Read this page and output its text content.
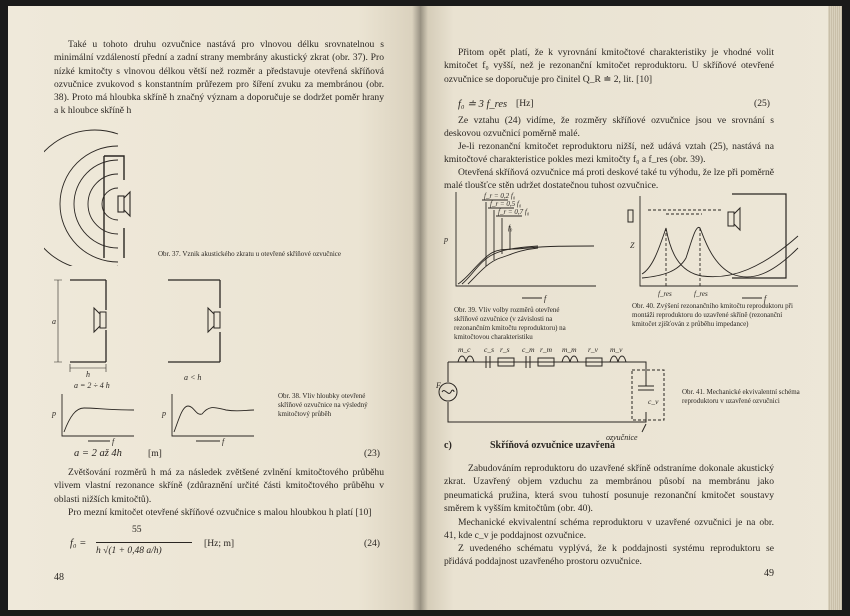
Také u tohoto druhu ozvučnice nastává pro vlnovou délku srovnatelnou s minimální vzdáleností přední a zadní strany membrány akustický zkrat (obr. 37). Pro nízké kmitočty s vlnovou délkou větší než rozměr a představuje otevřená skříňová ozvučnice zvukovod s konstantním průřezem pro šíření zvuku za membránou (obr. 38). Proto má hloubka skříně h značný význam a doporučuje se dodržet poměr hrany a k hloubce skříně h

Obr. 37. Vznik akustického zkratu u otevřené skříňové ozvučnice
a
h
a = 2 ÷ 4 h
a < h
p	p
f	f
Obr. 38. Vliv hloubky otevřené skříňové ozvučnice na výsledný kmitočtový průběh
a = 2 až 4h	[m]	(23)

Zvětšování rozměrů h má za následek zvětšené zvlnění kmitočtového průběhu vlivem vlastní rezonance skříně (zdůraznění určité části kmitočtového průběhu v oblasti nižších kmitočtů).

Pro mezní kmitočet otevřené skříňové ozvučnice s malou hloubkou h platí [10]

f₀ =
55
h √(1 + 0,48 a/h)
[Hz; m]	(24)
48

Přitom opět platí, že k vyrovnání kmitočtové charakteristiky je vhodné volit kmitočet f₀ vyšší, než je rezonanční kmitočet reproduktoru. U skříňové otevřené ozvučnice se doporučuje pro činitel Q_R ≐ 2, lit. [10]

f₀ ≐ 3 f_res [Hz]	(25)

Ze vztahu (24) vidíme, že rozměry skříňové ozvučnice jsou ve srovnání s deskovou ozvučnicí poměrně malé.

Je-li rezonanční kmitočet reproduktoru nižší, než udává vztah (25), nastává na kmitočtové charakteristice pokles mezi kmitočty f₀ a f_res (obr. 39).

Otevřená skříňová ozvučnice má proti deskové také tu výhodu, že lze při poměrně malé tloušťce stěn udržet dostatečnou tuhost ozvučnice.

f_r = 0,2 f₀
f_r = 0,5 f₀
f_r = 0,7 f₀
f₀
p
f
Z
f_res	f_res	f
Obr. 39. Vliv volby rozměrů otevřené skříňové ozvučnice (v závislosti na rezonančním kmitočtu reproduktoru) na kmitočtovou charakteristiku
Obr. 40. Zvýšení rezonančního kmitočtu reproduktoru při montáži reproduktoru do uzavřené skříně (rezonanční kmitočet zjišťován z průběhu impedance)
m_c c_s r_s c_m r_m m_m r_v m_v
c_v
F
ozvučnice
Obr. 41. Mechanické ekvivalentní schéma reproduktoru v uzavřené ozvučnici
c)	Skříňová ozvučnice uzavřená

Zabudováním reproduktoru do uzavřené skříně odstraníme dokonale akustický zkrat. Uzavřený objem vzduchu za membránou působí na membránu jako pneumatická pružina, která svou tuhostí posunuje rezonanční kmitočet soustavy směrem k vyšším kmitočtům (obr. 40).

Mechanické ekvivalentní schéma reproduktoru v uzavřené ozvučnici je na obr. 41, kde c_v je poddajnost ozvučnice.

Z uvedeného schématu vyplývá, že k poddajnosti systému reproduktoru se přidává poddajnost uzavřeného prostoru ozvučnice.

49
